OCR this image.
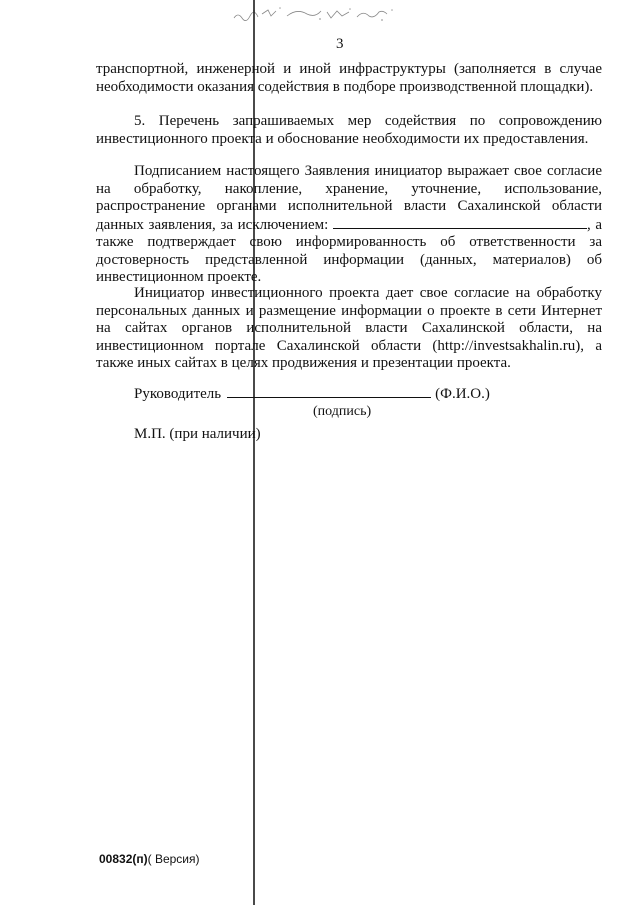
3
транспортной, инженерной и иной инфраструктуры (заполняется в случае
необходимости оказания содействия в подборе производственной площадки).
5. Перечень запрашиваемых мер содействия по сопровождению
инвестиционного проекта и обоснование необходимости их предоставления.
Подписанием настоящего Заявления инициатор выражает свое согласие
на обработку, накопление, хранение, уточнение, использование,
распространение органами исполнительной власти Сахалинской области
данных заявления, за исключением:	, а
также подтверждает свою информированность об ответственности за
достоверность представленной информации (данных, материалов) об
инвестиционном проекте.
Инициатор инвестиционного проекта дает свое согласие на обработку
персональных данных и размещение информации о проекте в сети Интернет
на сайтах органов исполнительной власти Сахалинской области, на
инвестиционном портале Сахалинской области (http://investsakhalin.ru), а
также иных сайтах в целях продвижения и презентации проекта.
Руководитель	(Ф.И.О.)
(подпись)
М.П. (при наличии)
00832(п)( Версия)
